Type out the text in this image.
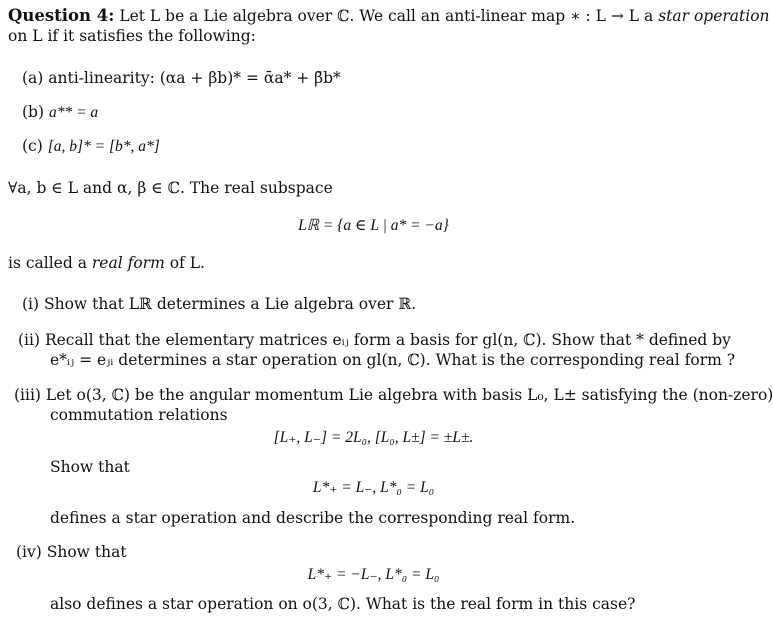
Question 4: Let L be a Lie algebra over ℂ. We call an anti-linear map ∗ : L → L a star operation
on L if it satisfies the following:
(a) anti-linearity: (αa + βb)* = ᾱa* + β̄b*
(b) a** = a
(c) [a, b]* = [b*, a*]
∀a, b ∈ L and α, β ∈ ℂ. The real subspace
Lℝ = {a ∈ L | a* = −a}
is called a real form of L.
(i) Show that Lℝ determines a Lie algebra over ℝ.
(ii) Recall that the elementary matrices eᵢⱼ form a basis for gl(n, ℂ). Show that * defined by
e*ᵢⱼ = eⱼᵢ determines a star operation on gl(n, ℂ). What is the corresponding real form ?
(iii) Let o(3, ℂ) be the angular momentum Lie algebra with basis L₀, L± satisfying the (non-zero)
commutation relations
[L₊, L₋] = 2L₀, [L₀, L±] = ±L±.
Show that
L*₊ = L₋, L*₀ = L₀
defines a star operation and describe the corresponding real form.
(iv) Show that
L*₊ = −L₋, L*₀ = L₀
also defines a star operation on o(3, ℂ). What is the real form in this case?
